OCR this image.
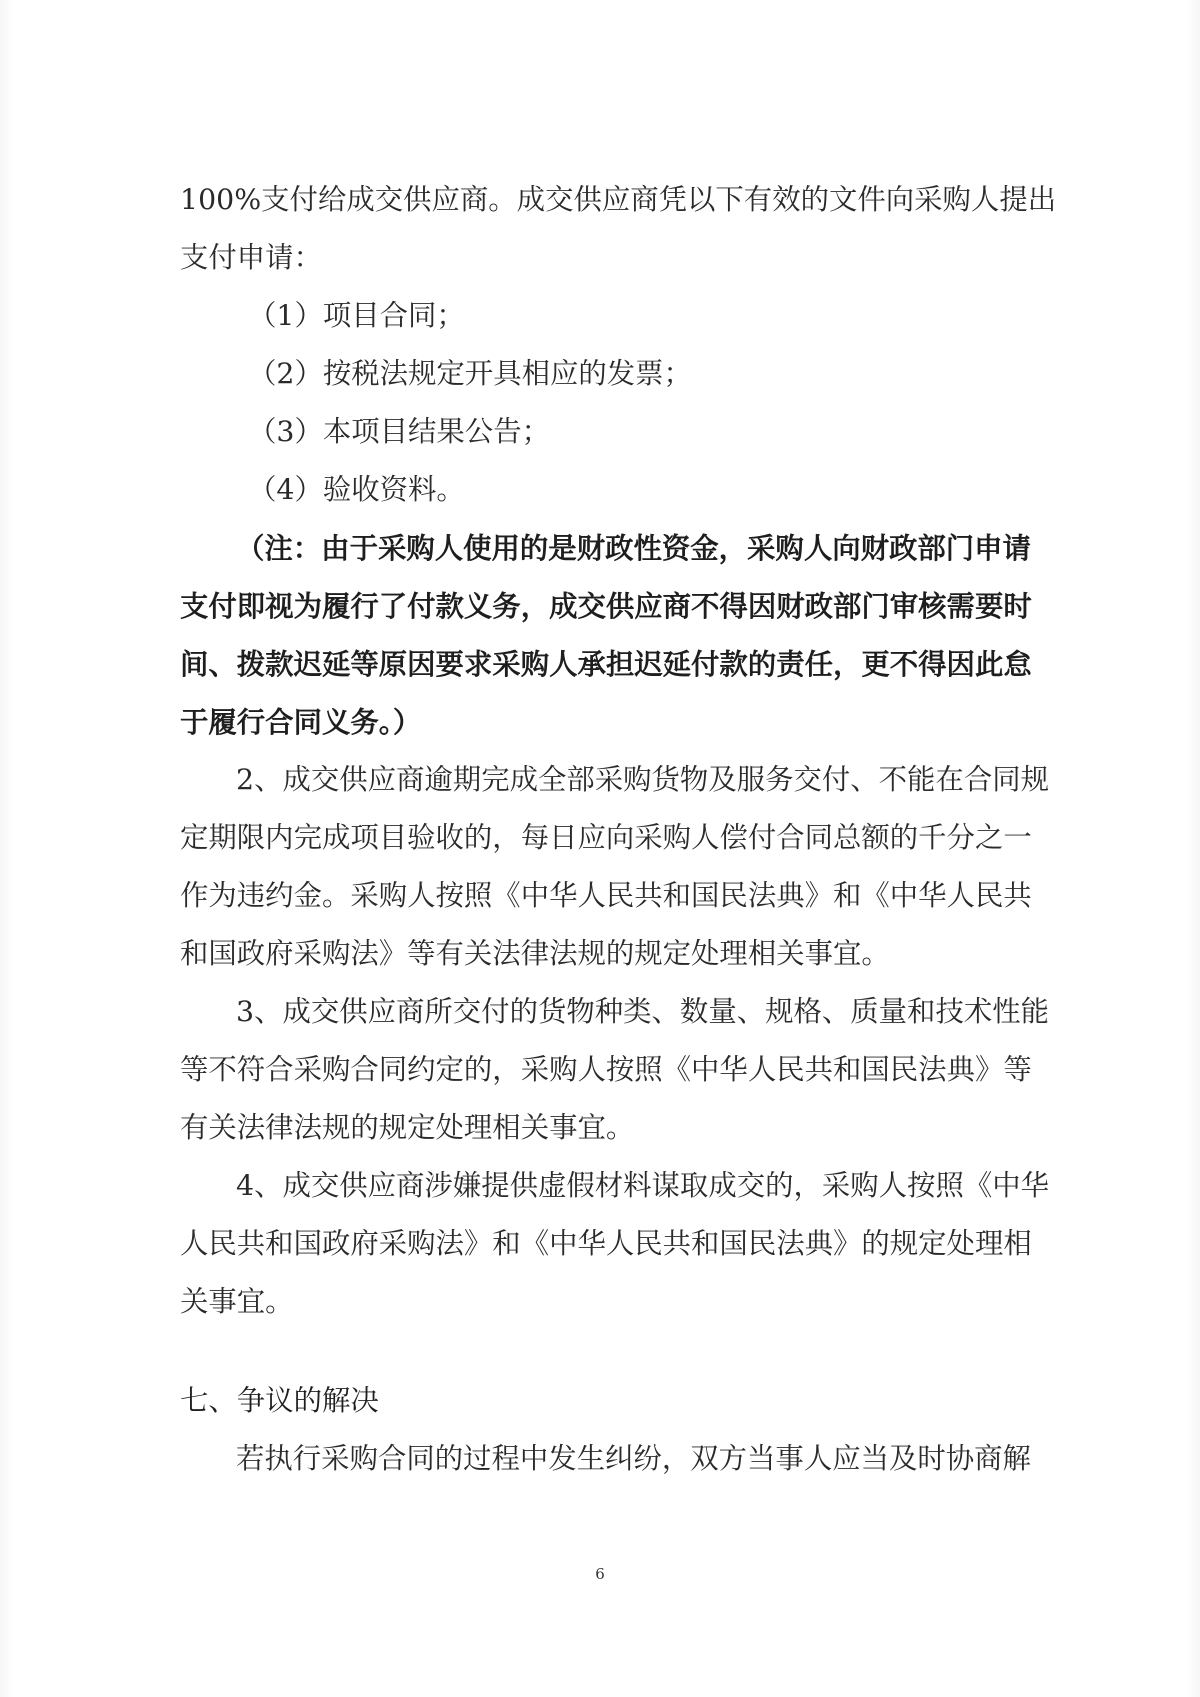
100%支付给成交供应商。成交供应商凭以下有效的文件向采购人提出
支付申请：
（1）项目合同；
（2）按税法规定开具相应的发票；
（3）本项目结果公告；
（4）验收资料。
（注：由于采购人使用的是财政性资金，采购人向财政部门申请
支付即视为履行了付款义务，成交供应商不得因财政部门审核需要时
间、拨款迟延等原因要求采购人承担迟延付款的责任，更不得因此怠
于履行合同义务。）
2、成交供应商逾期完成全部采购货物及服务交付、不能在合同规
定期限内完成项目验收的，每日应向采购人偿付合同总额的千分之一
作为违约金。采购人按照《中华人民共和国民法典》和《中华人民共
和国政府采购法》等有关法律法规的规定处理相关事宜。
3、成交供应商所交付的货物种类、数量、规格、质量和技术性能
等不符合采购合同约定的，采购人按照《中华人民共和国民法典》等
有关法律法规的规定处理相关事宜。
4、成交供应商涉嫌提供虚假材料谋取成交的，采购人按照《中华
人民共和国政府采购法》和《中华人民共和国民法典》的规定处理相
关事宜。
七、争议的解决
若执行采购合同的过程中发生纠纷，双方当事人应当及时协商解
6
